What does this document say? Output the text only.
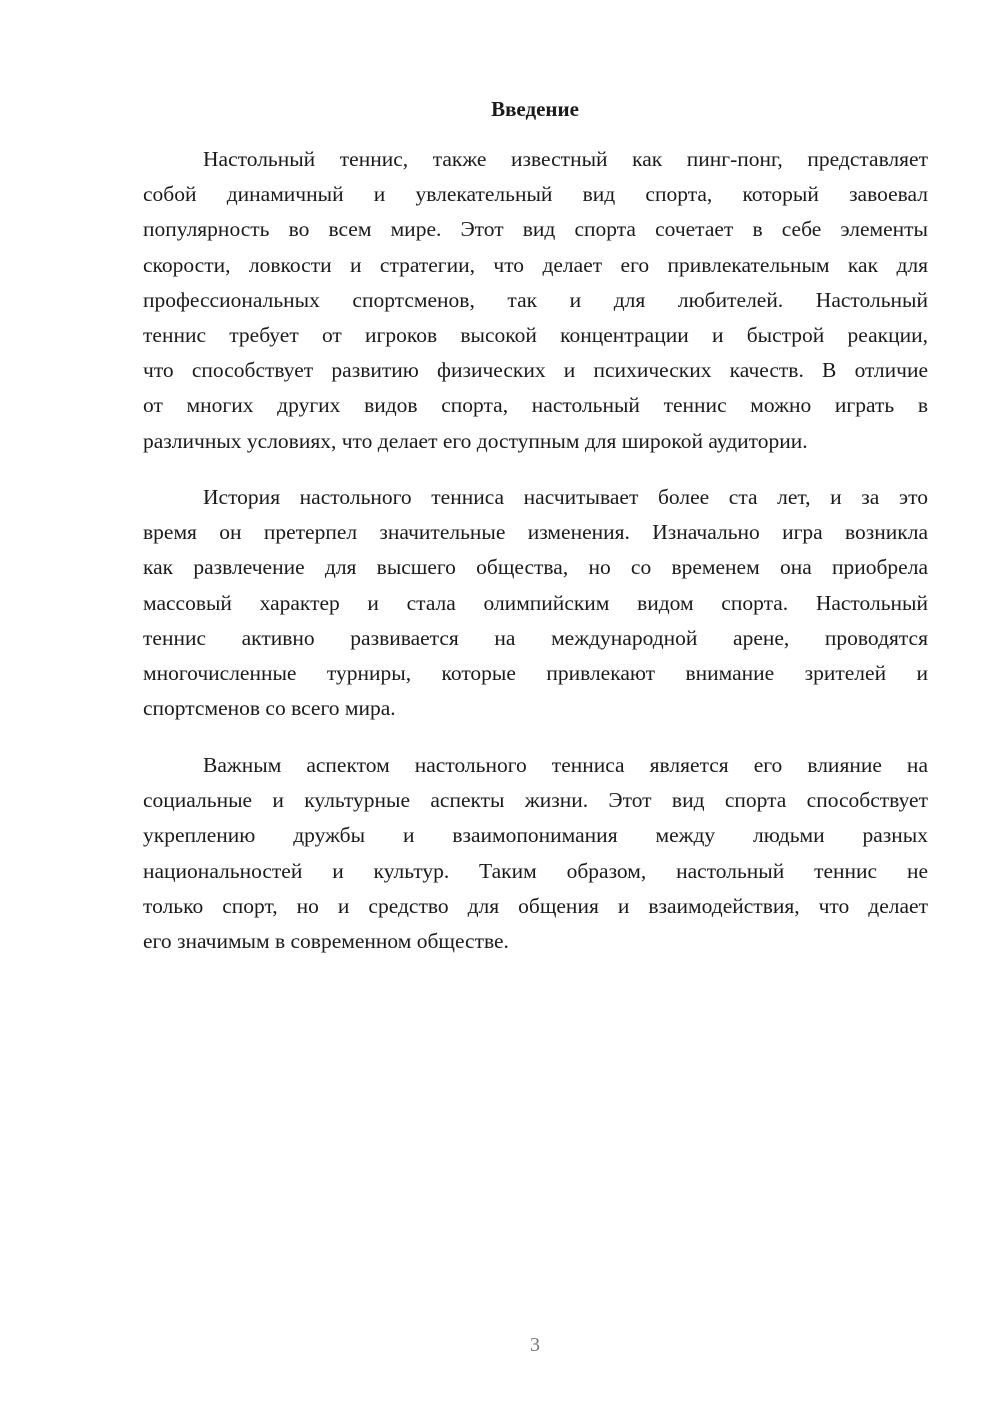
Введение
Настольный теннис, также известный как пинг-понг, представляет
собой динамичный и увлекательный вид спорта, который завоевал
популярность во всем мире. Этот вид спорта сочетает в себе элементы
скорости, ловкости и стратегии, что делает его привлекательным как для
профессиональных спортсменов, так и для любителей. Настольный
теннис требует от игроков высокой концентрации и быстрой реакции,
что способствует развитию физических и психических качеств. В отличие
от многих других видов спорта, настольный теннис можно играть в
различных условиях, что делает его доступным для широкой аудитории.
История настольного тенниса насчитывает более ста лет, и за это
время он претерпел значительные изменения. Изначально игра возникла
как развлечение для высшего общества, но со временем она приобрела
массовый характер и стала олимпийским видом спорта. Настольный
теннис активно развивается на международной арене, проводятся
многочисленные турниры, которые привлекают внимание зрителей и
спортсменов со всего мира.
Важным аспектом настольного тенниса является его влияние на
социальные и культурные аспекты жизни. Этот вид спорта способствует
укреплению дружбы и взаимопонимания между людьми разных
национальностей и культур. Таким образом, настольный теннис не
только спорт, но и средство для общения и взаимодействия, что делает
его значимым в современном обществе.
3
